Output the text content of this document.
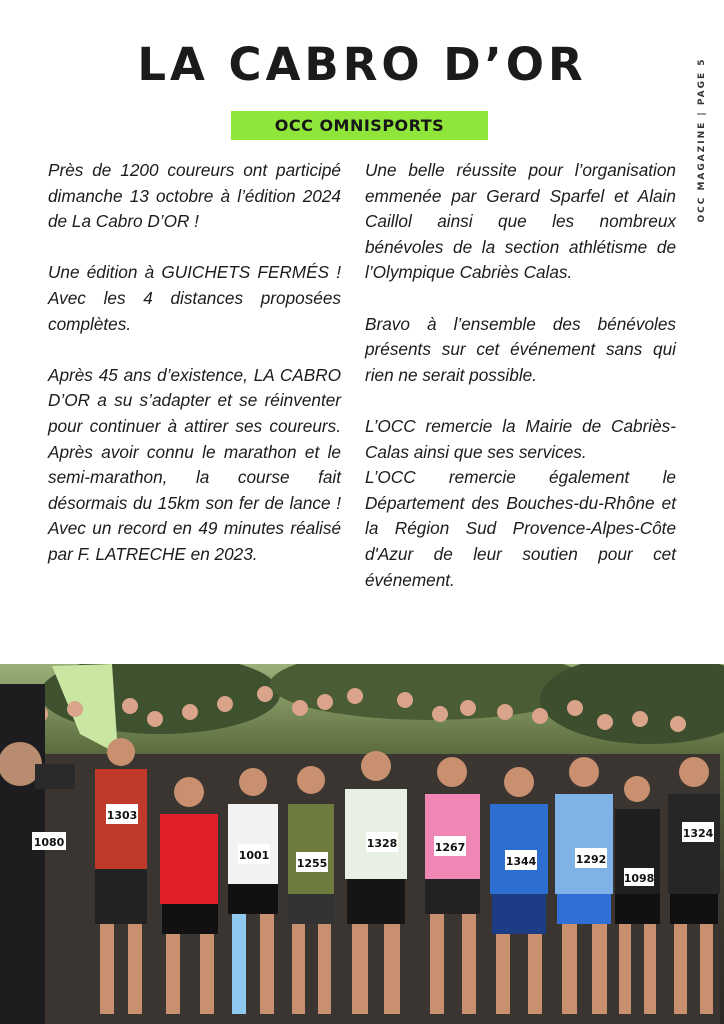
LA CABRO D’OR
OCC OMNISPORTS	OCC MAGAZINE | PAGE 5

Près de 1200 coureurs ont participé dimanche 13 octobre à l’édition 2024 de La Cabro D’OR !

Une édition à GUICHETS FERMÉS ! Avec les 4 distances proposées complètes.

Après 45 ans d’existence, LA CABRO D’OR a su s’adapter et se réinventer pour continuer à attirer ses coureurs. Après avoir connu le marathon et le semi-marathon, la course fait désormais du 15km son fer de lance ! Avec un record en 49 minutes réalisé par F. LATRECHE en 2023.

Une belle réussite pour l’organisation emmenée par Gerard Sparfel et Alain Caillol ainsi que les nombreux bénévoles de la section athlétisme de l’Olympique Cabriès Calas.

Bravo à l’ensemble des bénévoles présents sur cet événement sans qui rien ne serait possible.

L’OCC remercie la Mairie de Cabriès-Calas ainsi que ses services.

L’OCC remercie également le Département des Bouches-du-Rhône et la Région Sud Provence-Alpes-Côte d'Azur de leur soutien pour cet événement.

1303
1001
1255
1328	1267
1344	1292
1324
1080
1098
